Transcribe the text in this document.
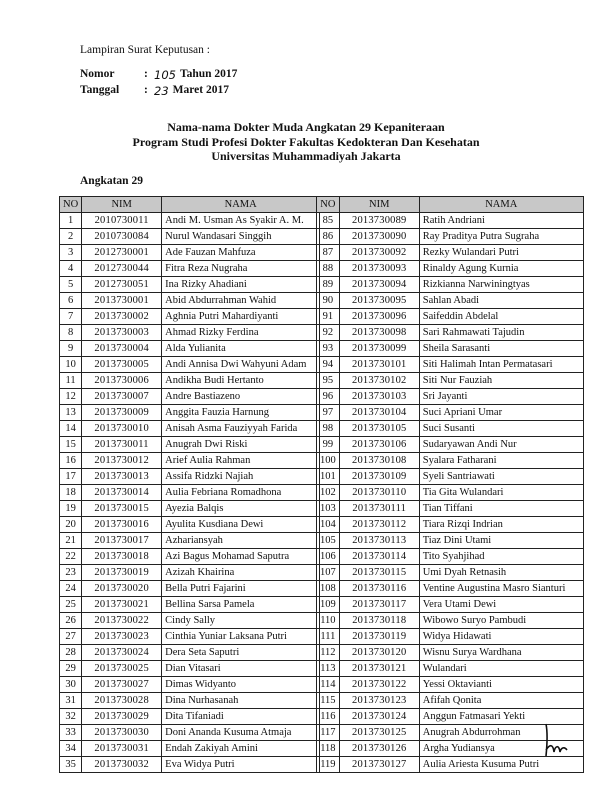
Lampiran Surat Keputusan :
Nomor	: 105 Tahun 2017
Tanggal	: 23 Maret 2017
Nama-nama Dokter Muda Angkatan 29 Kepaniteraan
Program Studi Profesi Dokter Fakultas Kedokteran Dan Kesehatan
Universitas Muhammadiyah Jakarta
Angkatan 29
NO	NIM	NAMA
1	2010730011	Andi M. Usman As Syakir A. M.
2	2010730084	Nurul Wandasari Singgih
3	2012730001	Ade Fauzan Mahfuza
4	2012730044	Fitra Reza Nugraha
5	2012730051	Ina Rizky Ahadiani
6	2013730001	Abid Abdurrahman Wahid
7	2013730002	Aghnia Putri Mahardiyanti
8	2013730003	Ahmad Rizky Ferdina
9	2013730004	Alda Yulianita
10	2013730005	Andi Annisa Dwi Wahyuni Adam
11	2013730006	Andikha Budi Hertanto
12	2013730007	Andre Bastiazeno
13	2013730009	Anggita Fauzia Harnung
14	2013730010	Anisah Asma Fauziyyah Farida
15	2013730011	Anugrah Dwi Riski
16	2013730012	Arief Aulia Rahman
17	2013730013	Assifa Ridzki Najiah
18	2013730014	Aulia Febriana Romadhona
19	2013730015	Ayezia Balqis
20	2013730016	Ayulita Kusdiana Dewi
21	2013730017	Azhariansyah
22	2013730018	Azi Bagus Mohamad Saputra
23	2013730019	Azizah Khairina
24	2013730020	Bella Putri Fajarini
25	2013730021	Bellina Sarsa Pamela
26	2013730022	Cindy Sally
27	2013730023	Cinthia Yuniar Laksana Putri
28	2013730024	Dera Seta Saputri
29	2013730025	Dian Vitasari
30	2013730027	Dimas Widyanto
31	2013730028	Dina Nurhasanah
32	2013730029	Dita Tifaniadi
33	2013730030	Doni Ananda Kusuma Atmaja
34	2013730031	Endah Zakiyah Amini
35	2013730032	Eva Widya Putri
NO	NIM	NAMA
85	2013730089	Ratih Andriani
86	2013730090	Ray Praditya Putra Sugraha
87	2013730092	Rezky Wulandari Putri
88	2013730093	Rinaldy Agung Kurnia
89	2013730094	Rizkianna Narwiningtyas
90	2013730095	Sahlan Abadi
91	2013730096	Saifeddin Abdelal
92	2013730098	Sari Rahmawati Tajudin
93	2013730099	Sheila Sarasanti
94	2013730101	Siti Halimah Intan Permatasari
95	2013730102	Siti Nur Fauziah
96	2013730103	Sri Jayanti
97	2013730104	Suci Apriani Umar
98	2013730105	Suci Susanti
99	2013730106	Sudaryawan Andi Nur
100	2013730108	Syalara Fatharani
101	2013730109	Syeli Santriawati
102	2013730110	Tia Gita Wulandari
103	2013730111	Tian Tiffani
104	2013730112	Tiara Rizqi Indrian
105	2013730113	Tiaz Dini Utami
106	2013730114	Tito Syahjihad
107	2013730115	Umi Dyah Retnasih
108	2013730116	Ventine Augustina Masro Sianturi
109	2013730117	Vera Utami Dewi
110	2013730118	Wibowo Suryo Pambudi
111	2013730119	Widya Hidawati
112	2013730120	Wisnu Surya Wardhana
113	2013730121	Wulandari
114	2013730122	Yessi Oktavianti
115	2013730123	Afifah Qonita
116	2013730124	Anggun Fatmasari Yekti
117	2013730125	Anugrah Abdurrohman
118	2013730126	Argha Yudiansya
119	2013730127	Aulia Ariesta Kusuma Putri
